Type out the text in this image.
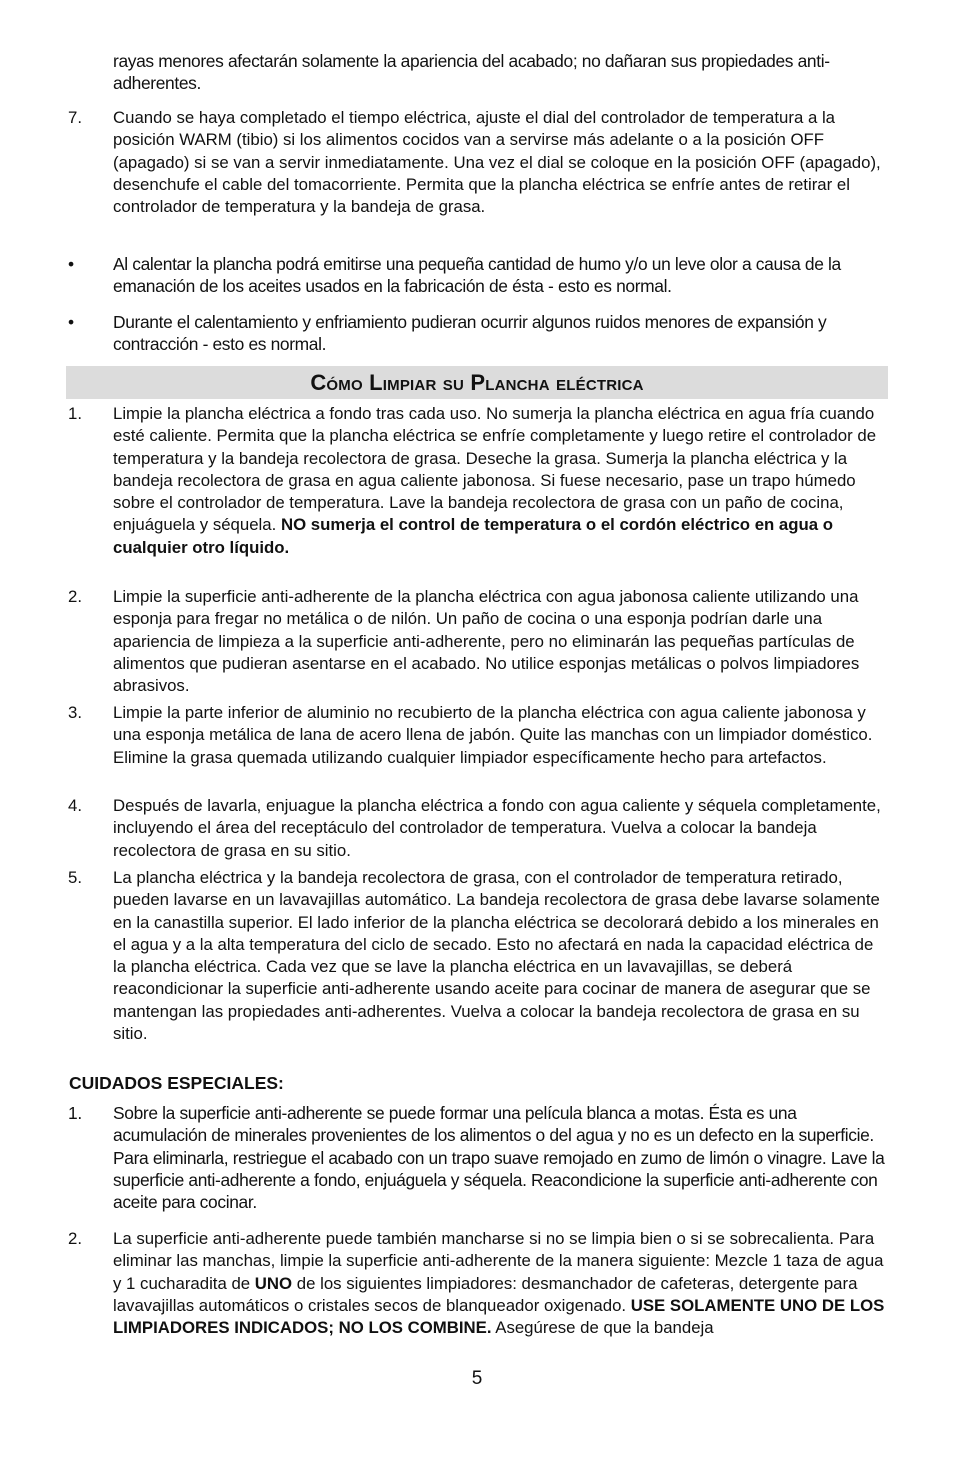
rayas menores afectarán solamente la apariencia del acabado; no dañaran sus propiedades anti-adherentes.
7.	Cuando se haya completado el tiempo eléctrica, ajuste el dial del controlador de temperatura a la posición WARM (tibio) si los alimentos cocidos van a servirse más adelante o a la posición OFF (apagado) si se van a servir inmediatamente. Una vez el dial se coloque en la posición OFF (apagado), desenchufe el cable del tomacorriente. Permita que la plancha eléctrica se enfríe antes de retirar el controlador de temperatura y la bandeja de grasa.
•	Al calentar la plancha podrá emitirse una pequeña cantidad de humo y/o un leve olor a causa de la emanación de los aceites usados en la fabricación de ésta - esto es normal.
•	Durante el calentamiento y enfriamiento pudieran ocurrir algunos ruidos menores de expansión y contracción - esto es normal.
Cómo Limpiar su Plancha eléctrica
1.	Limpie la plancha eléctrica a fondo tras cada uso. No sumerja la plancha eléctrica en agua fría cuando esté caliente. Permita que la plancha eléctrica se enfríe completamente y luego retire el controlador de temperatura y la bandeja recolectora de grasa. Deseche la grasa. Sumerja la plancha eléctrica y la bandeja recolectora de grasa en agua caliente jabonosa. Si fuese necesario, pase un trapo húmedo sobre el controlador de temperatura. Lave la bandeja recolectora de grasa con un paño de cocina, enjuáguela y séquela. NO sumerja el control de temperatura o el cordón eléctrico en agua o cualquier otro líquido.
2.	Limpie la superficie anti-adherente de la plancha eléctrica con agua jabonosa caliente utilizando una esponja para fregar no metálica o de nilón. Un paño de cocina o una esponja podrían darle una apariencia de limpieza a la superficie anti-adherente, pero no eliminarán las pequeñas partículas de alimentos que pudieran asentarse en el acabado. No utilice esponjas metálicas o polvos limpiadores abrasivos.
3.	Limpie la parte inferior de aluminio no recubierto de la plancha eléctrica con agua caliente jabonosa y una esponja metálica de lana de acero llena de jabón. Quite las manchas con un limpiador doméstico. Elimine la grasa quemada utilizando cualquier limpiador específicamente hecho para artefactos.
4.	Después de lavarla, enjuague la plancha eléctrica a fondo con agua caliente y séquela completamente, incluyendo el área del receptáculo del controlador de temperatura. Vuelva a colocar la bandeja recolectora de grasa en su sitio.
5.	La plancha eléctrica y la bandeja recolectora de grasa, con el controlador de temperatura retirado, pueden lavarse en un lavavajillas automático. La bandeja recolectora de grasa debe lavarse solamente en la canastilla superior. El lado inferior de la plancha eléctrica se decolorará debido a los minerales en el agua y a la alta temperatura del ciclo de secado. Esto no afectará en nada la capacidad eléctrica de la plancha eléctrica. Cada vez que se lave la plancha eléctrica en un lavavajillas, se deberá reacondicionar la superficie anti-adherente usando aceite para cocinar de manera de asegurar que se mantengan las propiedades anti-adherentes. Vuelva a colocar la bandeja recolectora de grasa en su sitio.
CUIDADOS ESPECIALES:
1.	Sobre la superficie anti-adherente se puede formar una película blanca a motas. Ésta es una acumulación de minerales provenientes de los alimentos o del agua y no es un defecto en la superficie. Para eliminarla, restriegue el acabado con un trapo suave remojado en zumo de limón o vinagre. Lave la superficie anti-adherente a fondo, enjuáguela y séquela. Reacondicione la superficie anti-adherente con aceite para cocinar.
2.	La superficie anti-adherente puede también mancharse si no se limpia bien o si se sobrecalienta. Para eliminar las manchas, limpie la superficie anti-adherente de la manera siguiente: Mezcle 1 taza de agua y 1 cucharadita de UNO de los siguientes limpiadores: desmanchador de cafeteras, detergente para lavavajillas automáticos o cristales secos de blanqueador oxigenado. USE SOLAMENTE UNO DE LOS LIMPIADORES INDICADOS; NO LOS COMBINE. Asegúrese de que la bandeja
5
